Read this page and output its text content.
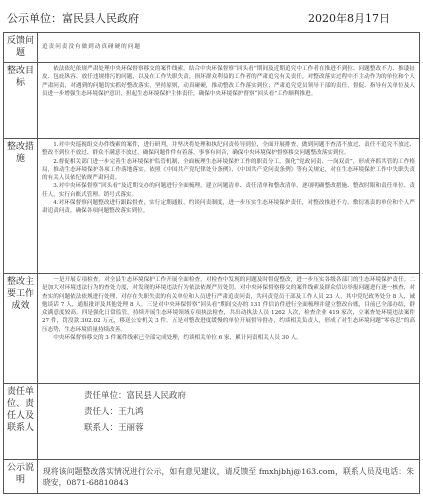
公示单位：富民县人民政府	2020年8月17日
反馈问题	追责问责没有做到动真碰硬的问题
整改目标	依法依纪依规严肃处理中央环保督察移交的案件线索，结合中央环保督察“回头看”期间及近期追究中工作者在推进不到位、问题整改不力、推诿扯皮、包庇纵容、放任违规排污的问题，以及在工作失职失责，损坏群众利益的工作者的严肃追究有关责任，对整改落实过程中不主动作为的单位和个人严肃问责，对遇到的问题切实抓好整改落实，坚持原则，动真碰硬，推动整改工作落实到位；严肃追究党员领导干部的责任，督促、指导有关单位及人员进一步增强生态环境保护意识，担起生态环境保护主体责任，确保中央环境保护督察“回头看”工作顺利推进。

整改措施	1.对中央巡视组交办件线索的案件，进行研判，并坚决将处理和执纪问责传导到位，全面开展排查，做到问题不查清不放过、责任不追究不放过、整改不到位不放过、群众不满意不放过，确保问题件件有着落、事事有回音，确保中央环境保护督察移交问题整改落实到位。

2.督促相关部门进一步完善生态环境保护监管机制，全面梳理生态环境保护工作的职责分工，强化“党政同责、一岗双责”，形成齐抓共管的工作格局，推动生态环境保护各项工作落地落实。依照《中国共产党纪律处分条例》、《中国共产党问责条例》等有关规定，对在生态环境保护工作中失职失责的有关人员依纪依规严肃问责。

3.对中央环保督察“回头看”及近期交办的问题进行全面梳理，建立问题清单、责任清单和整改清单，逐项明确整改措施、整改时限和责任单位、责任人，实行台账式管理、销号式落实。

4.对环保督察问题整改进行跟踪督查，实行定期通报、约谈问责制度，进一步压实生态环境保护责任，对整改推进不力、敷衍塞责的单位和个人严肃追责问责，确保各项问题整改落实到位。

整改主要工作成效	一是开展专项检查。对全县生态环境保护工作开展全面检查，对检查中发现的问题及时督促整改，进一步压实各级各部门的生态环境保护责任。二是加大对环境违法行为的查处力度，对发现的环境违法行为依法依规严厉处罚。对中央环保督察移交的案件线索及群众信访举报问题进行逐一核查，对查实的问题依法依规进行处理，对存在失职失责的有关单位和人员进行严肃追责问责，共问责党员干部及工作人员 23 人，其中党纪政务处分 8 人，诫勉谈话 7 人，通报批评及其他处理 8 人。三是对中央环保督察“回头看”期间交办的 131 件信访件进行全面梳理并建立整改台账，目前已全部办结，群众满意度较高。四是强化日常监管，持续开展生态环境领域专项执法检查，共出动执法人员 1262 人次，检查企业 419 家次，立案查处环境违法案件 27 件，罚没款 302.02 万元，移送公安机关 3 件。五是对整改进度缓慢的单位开展督导督办，约谈相关负责人，形成了对生态环境问题“零容忍”的高压态势，生态环境质量持续改善。

中央环保督察移交的 3 件案件线索已全部完成处理，约谈相关单位 6 家，累计问责相关人员 30 人。

责任单位、责任人及联系人	责任单位：富民县人民政府
责任人：王九鸿
联系人：王丽蓉

公示说明	现将该问题整改落实情况进行公示，如有意见建议，请反馈至 fmxhjbhj@163.com，联系人员及电话：朱晓安，0871-68810843
